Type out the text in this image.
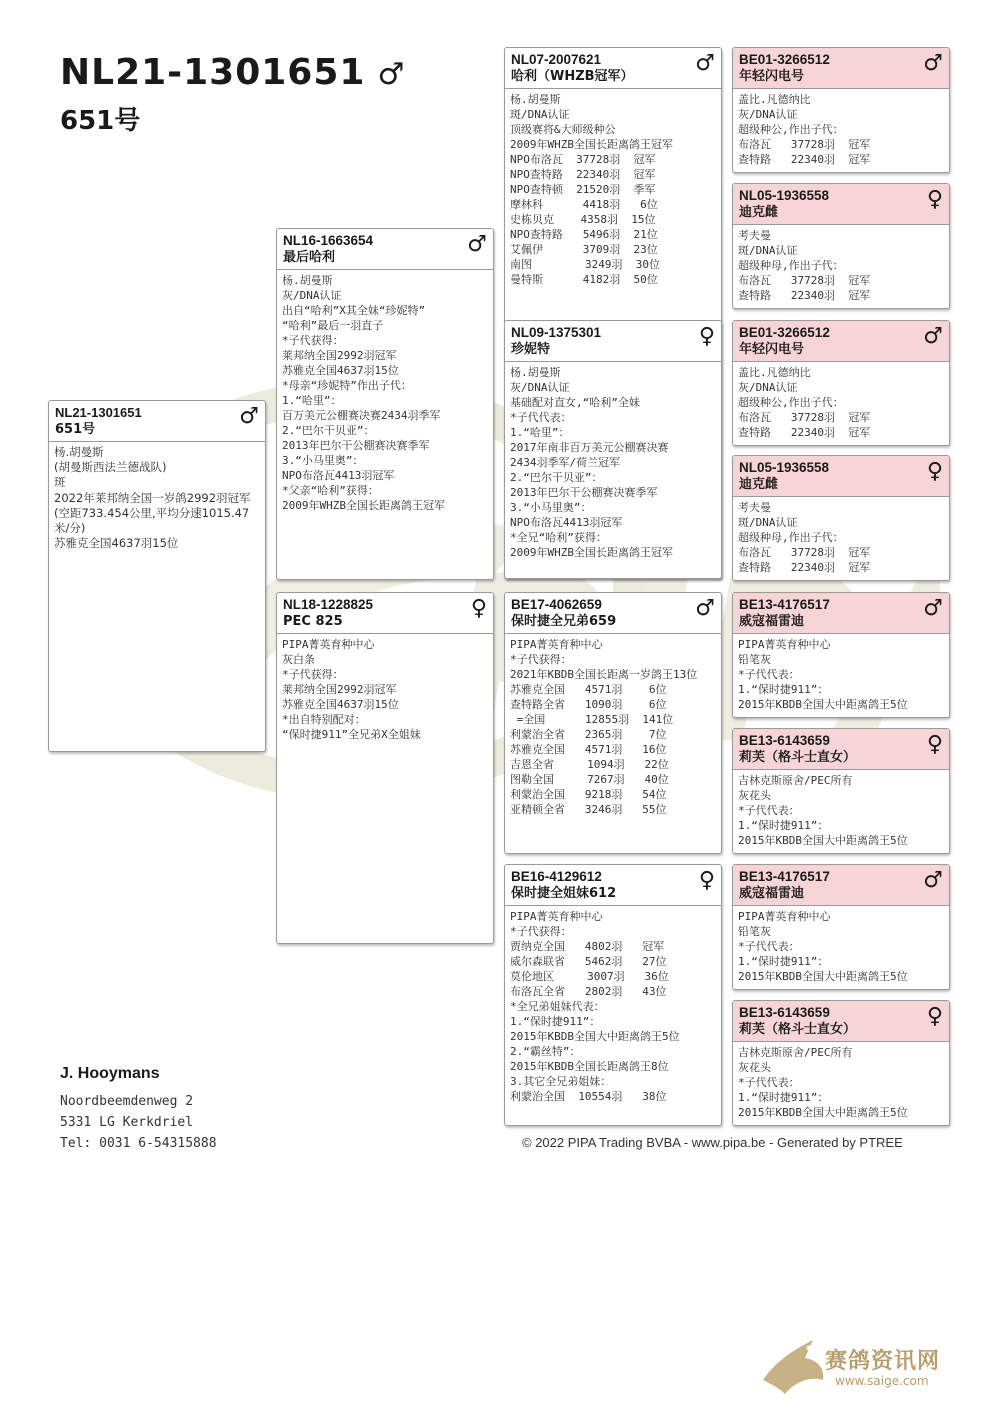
NL21-1301651 ♂
651号
NL21-1301651
651号
♂
杨.胡曼斯
(胡曼斯西法兰德战队)
斑
2022年莱邦纳全国一岁鸽2992羽冠军(空距733.454公里,平均分速1015.47米/分)
苏雅克全国4637羽15位
NL16-1663654
最后哈利
♂
杨.胡曼斯
灰/DNA认证
出自“哈利”X其全妹“珍妮特”
“哈利”最后一羽直子
*子代获得：
莱邦纳全国2992羽冠军
苏雅克全国4637羽15位
*母亲“珍妮特”作出子代：
1.“哈里”：
百万美元公棚赛决赛2434羽季军
2.“巴尔干贝亚”：
2013年巴尔干公棚赛决赛季军
3.“小马里奥”：
NPO布洛瓦4413羽冠军
*父亲“哈利”获得：
2009年WHZB全国长距离鸽王冠军
NL18-1228825
PEC 825
♀
PIPA菁英育种中心
灰白条
*子代获得：
莱邦纳全国2992羽冠军
苏雅克全国4637羽15位
*出自特别配对：
“保时捷911”全兄弟X全姐妹
NL07-2007621
哈利（WHZB冠军）
♂
杨.胡曼斯
斑/DNA认证
顶级赛将&大师级种公
2009年WHZB全国长距离鸽王冠军
NPO布洛瓦  37728羽  冠军
NPO查特路  22340羽  冠军
NPO查特顿  21520羽  季军
摩林科      4418羽   6位
史栋贝克    4358羽  15位
NPO查特路   5496羽  21位
艾佩伊      3709羽  23位
南图        3249羽  30位
曼特斯      4182羽  50位
NL09-1375301
珍妮特
♀
杨.胡曼斯
灰/DNA认证
基础配对直女,“哈利”全妹
*子代代表：
1.“哈里”：
2017年南非百万美元公棚赛决赛
2434羽季军/荷兰冠军
2.“巴尔干贝亚”：
2013年巴尔干公棚赛决赛季军
3.“小马里奥”：
NPO布洛瓦4413羽冠军
*全兄“哈利”获得：
2009年WHZB全国长距离鸽王冠军
BE17-4062659
保时捷全兄弟659
♂
PIPA菁英育种中心
*子代获得：
2021年KBDB全国长距离一岁鸽王13位
苏雅克全国   4571羽    6位
查特路全省   1090羽    6位
=全国      12855羽  141位
利蒙治全省   2365羽    7位
苏雅克全国   4571羽   16位
吉恩全省     1094羽   22位
图勒全国     7267羽   40位
利蒙治全国   9218羽   54位
亚精顿全省   3246羽   55位
BE16-4129612
保时捷全姐妹612
♀
PIPA菁英育种中心
*子代获得：
贾纳克全国   4802羽   冠军
威尔森联省   5462羽   27位
莫伦地区     3007羽   36位
布洛瓦全省   2802羽   43位
*全兄弟姐妹代表：
1.“保时捷911”：
2015年KBDB全国大中距离鸽王5位
2.“霸丝特”：
2015年KBDB全国长距离鸽王8位
3.其它全兄弟姐妹：
利蒙治全国  10554羽   38位
BE01-3266512
年轻闪电号
♂
盖比.凡德纳比
灰/DNA认证
超级种公,作出子代：
布洛瓦   37728羽  冠军
查特路   22340羽  冠军
NL05-1936558
迪克雌
♀
考夫曼
斑/DNA认证
超级种母,作出子代：
布洛瓦   37728羽  冠军
查特路   22340羽  冠军
BE01-3266512
年轻闪电号
♂
盖比.凡德纳比
灰/DNA认证
超级种公,作出子代：
布洛瓦   37728羽  冠军
查特路   22340羽  冠军
NL05-1936558
迪克雌
♀
考夫曼
斑/DNA认证
超级种母,作出子代：
布洛瓦   37728羽  冠军
查特路   22340羽  冠军
BE13-4176517
威寇福雷迪
♂
PIPA菁英育种中心
铅笔灰
*子代代表：
1.“保时捷911”：
2015年KBDB全国大中距离鸽王5位
BE13-6143659
莉芙（格斗士直女）
♀
吉林克斯原舍/PEC所有
灰花头
*子代代表：
1.“保时捷911”：
2015年KBDB全国大中距离鸽王5位
BE13-4176517
威寇福雷迪
♂
PIPA菁英育种中心
铅笔灰
*子代代表：
1.“保时捷911”：
2015年KBDB全国大中距离鸽王5位
BE13-6143659
莉芙（格斗士直女）
♀
吉林克斯原舍/PEC所有
灰花头
*子代代表：
1.“保时捷911”：
2015年KBDB全国大中距离鸽王5位
J. Hooymans
Noordbeemdenweg 2
5331 LG Kerkdriel
Tel: 0031 6-54315888	© 2022 PIPA Trading BVBA - www.pipa.be - Generated by PTREE
赛鸽资讯网
www.saige.com
